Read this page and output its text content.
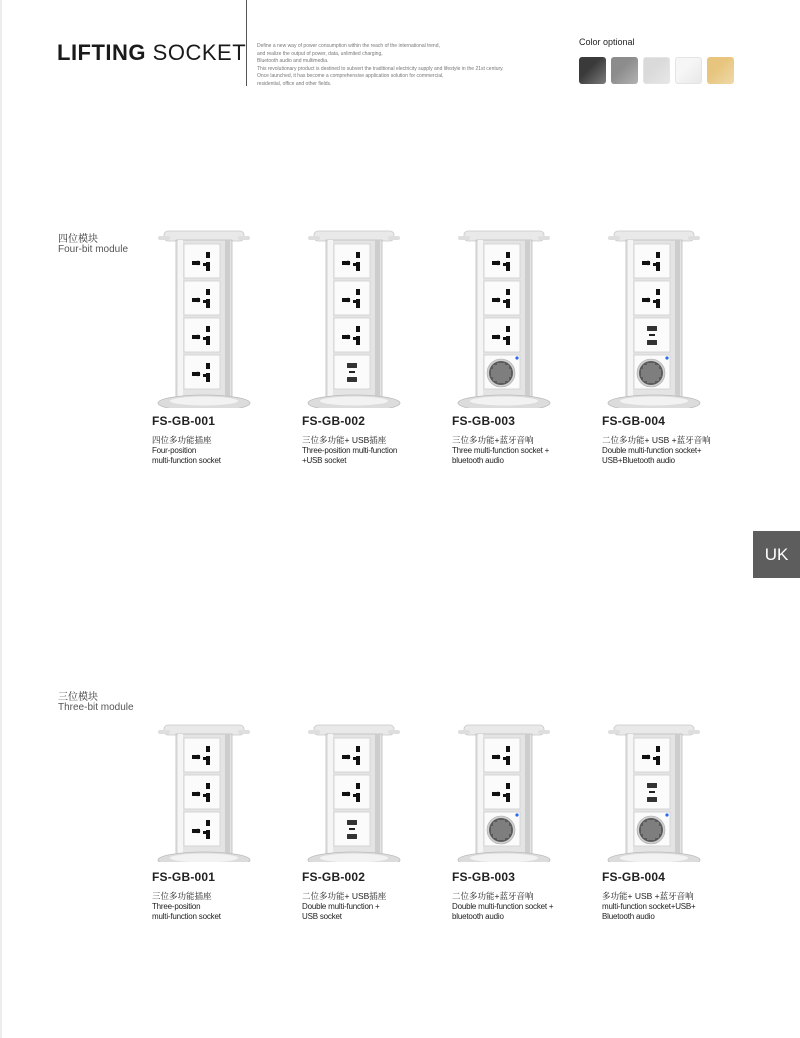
LIFTING SOCKET Define a new way of power consumption within the reach of the international trend,
and realize the output of power, data, unlimited charging,
Bluetooth audio and multimedia.
This revolutionary product is destined to subvert the traditional electricity supply and lifestyle in the 21st century.
Once launched, it has become a comprehensive application solution for commercial,
residential, office and other fields.
Color optional
UK
四位模块
Four-bit module
三位模块
Three-bit module
FS-GB-001
四位多功能插座
Four-position
multi-function socket
FS-GB-002
三位多功能+ USB插座
Three-position multi-function
+USB socket
FS-GB-003
三位多功能+蓝牙音响
Three multi-function socket +
bluetooth audio
FS-GB-004
二位多功能+ USB +蓝牙音响
Double multi-function socket+
USB+Bluetooth audio
FS-GB-001
三位多功能插座
Three-position
multi-function socket
FS-GB-002
二位多功能+ USB插座
Double multi-function +
USB socket
FS-GB-003
二位多功能+蓝牙音响
Double multi-function socket +
bluetooth audio
FS-GB-004
多功能+ USB +蓝牙音响
multi-function socket+USB+
Bluetooth audio
